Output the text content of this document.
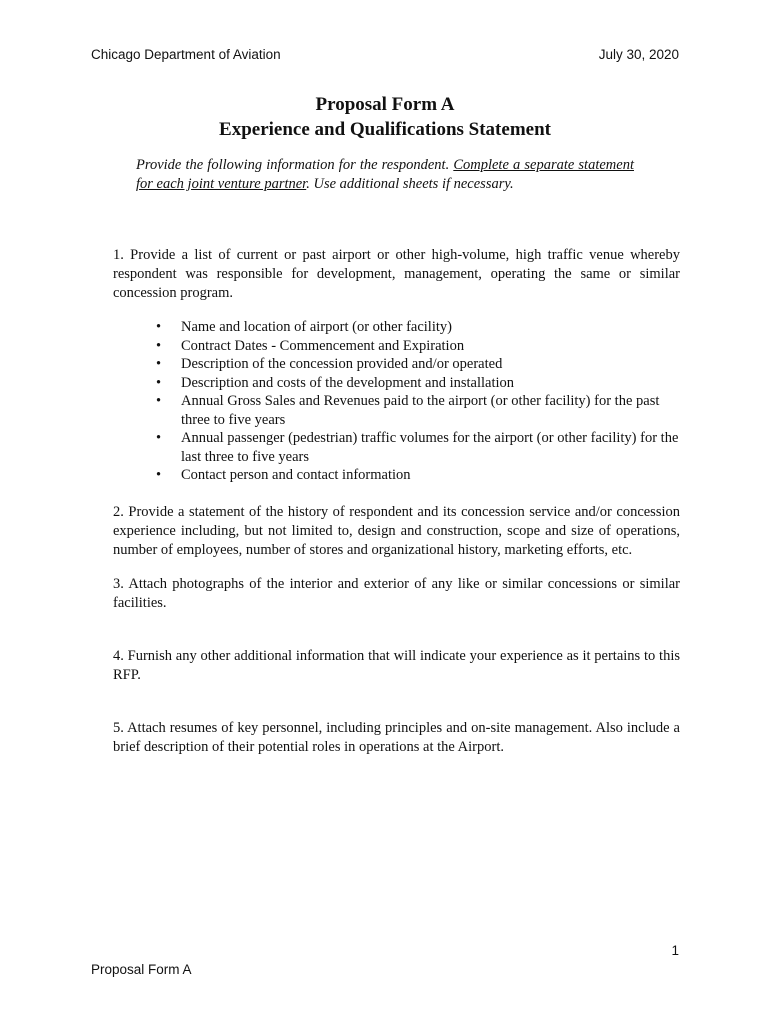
Chicago Department of Aviation	July 30, 2020
Proposal Form A
Experience and Qualifications Statement
Provide the following information for the respondent. Complete a separate statement for each joint venture partner. Use additional sheets if necessary.

1. Provide a list of current or past airport or other high-volume, high traffic venue whereby respondent was responsible for development, management, operating the same or similar concession program.

• Name and location of airport (or other facility)
• Contract Dates - Commencement and Expiration
• Description of the concession provided and/or operated
• Description and costs of the development and installation
• Annual Gross Sales and Revenues paid to the airport (or other facility) for the past three to five years
• Annual passenger (pedestrian) traffic volumes for the airport (or other facility) for the last three to five years
• Contact person and contact information

2. Provide a statement of the history of respondent and its concession service and/or concession experience including, but not limited to, design and construction, scope and size of operations, number of employees, number of stores and organizational history, marketing efforts, etc.

3. Attach photographs of the interior and exterior of any like or similar concessions or similar facilities.

4. Furnish any other additional information that will indicate your experience as it pertains to this RFP.

5. Attach resumes of key personnel, including principles and on-site management. Also include a brief description of their potential roles in operations at the Airport.

1
Proposal Form A
